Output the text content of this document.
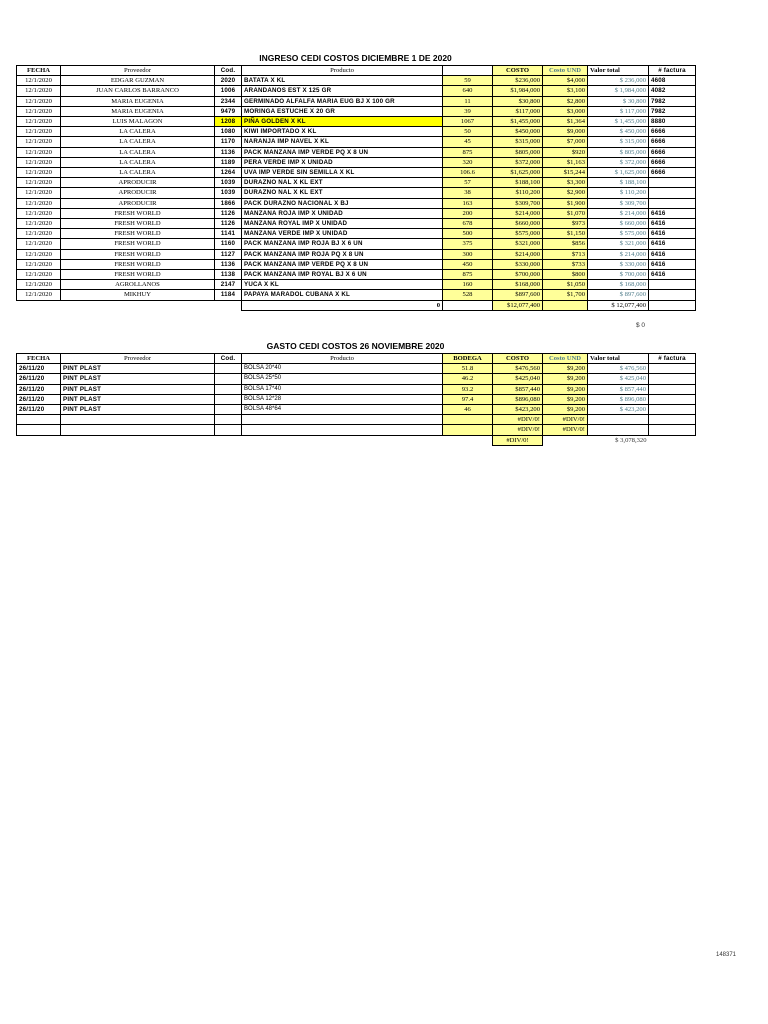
INGRESO CEDI COSTOS DICIEMBRE 1 DE 2020
FECHA	Proveedor	Cod.	Producto		COSTO	Costo UND	Valor total	# factura
12/1/2020	EDGAR GUZMAN	2020	BATATA X KL	59	$236,000	$4,000	$ 236,000	4608
12/1/2020	JUAN CARLOS BARRANCO	1006	ARANDANOS EST X 125 GR	640	$1,984,000	$3,100	$ 1,984,000	4082
12/1/2020	MARIA EUGENIA	2344	GERMINADO ALFALFA MARIA EUG BJ X 100 GR	11	$30,800	$2,800	$ 30,800	7982
12/1/2020	MARIA EUGENIA	9479	MORINGA ESTUCHE X 20 GR	39	$117,000	$3,000	$ 117,000	7982
12/1/2020	LUIS MALAGON	1208	PIÑA GOLDEN X KL	1067	$1,455,000	$1,364	$ 1,455,000	8880
12/1/2020	LA CALERA	1080	KIWI IMPORTADO X KL	50	$450,000	$9,000	$ 450,000	6666
12/1/2020	LA CALERA	1170	NARANJA IMP NAVEL X KL	45	$315,000	$7,000	$ 315,000	6666
12/1/2020	LA CALERA	1136	PACK MANZANA IMP VERDE PQ X 8 UN	875	$805,000	$920	$ 805,000	6666
12/1/2020	LA CALERA	1189	PERA VERDE IMP X UNIDAD	320	$372,000	$1,163	$ 372,000	6666
12/1/2020	LA CALERA	1264	UVA IMP VERDE SIN SEMILLA X KL	106.6	$1,625,000	$15,244	$ 1,625,000	6666
12/1/2020	APRODUCIR	1039	DURAZNO NAL X KL EXT	57	$188,100	$3,300	$ 188,100	
12/1/2020	APRODUCIR	1039	DURAZNO NAL X KL EXT	38	$110,200	$2,900	$ 110,200	
12/1/2020	APRODUCIR	1866	PACK DURAZNO NACIONAL X BJ	163	$309,700	$1,900	$ 309,700	
12/1/2020	FRESH WORLD	1126	MANZANA ROJA IMP X UNIDAD	200	$214,000	$1,070	$ 214,000	6416
12/1/2020	FRESH WORLD	1126	MANZANA ROYAL IMP X UNIDAD	678	$660,000	$973	$ 660,000	6416
12/1/2020	FRESH WORLD	1141	MANZANA VERDE IMP X UNIDAD	500	$575,000	$1,150	$ 575,000	6416
12/1/2020	FRESH WORLD	1160	PACK MANZANA IMP ROJA BJ X 6 UN	375	$321,000	$856	$ 321,000	6416
12/1/2020	FRESH WORLD	1127	PACK MANZANA IMP ROJA PQ X 8 UN	300	$214,000	$713	$ 214,000	6416
12/1/2020	FRESH WORLD	1136	PACK MANZANA IMP VERDE PQ X 8 UN	450	$330,000	$733	$ 330,000	6416
12/1/2020	FRESH WORLD	1138	PACK MANZANA IMP ROYAL BJ X 6 UN	875	$700,000	$800	$ 700,000	6416
12/1/2020	AGROLLANOS	2147	YUCA X KL	160	$168,000	$1,050	$ 168,000	
12/1/2020	MIKHUY	1184	PAPAYA MARADOL CUBANA X KL	528	$897,600	$1,700	$ 897,600	
			0		$12,077,400		$ 12,077,400	
$ 0
GASTO CEDI COSTOS 26 NOVIEMBRE 2020
FECHA	Proveedor	Cod.	Producto	BODEGA	COSTO	Costo UND	Valor total	# factura
26/11/20	PINT PLAST		BOLSA 20*40	51.8	$476,560	$9,200	$ 476,560	
26/11/20	PINT PLAST		BOLSA 25*50	46.2	$425,040	$9,200	$ 425,040	
26/11/20	PINT PLAST		BOLSA 17*40	93.2	$857,440	$9,200	$ 857,440	
26/11/20	PINT PLAST		BOLSA 12*28	97.4	$896,080	$9,200	$ 896,080	
26/11/20	PINT PLAST		BOLSA 48*64	46	$423,200	$9,200	$ 423,200	
					#DIV/0!	#DIV/0!		
					#DIV/0!	#DIV/0!		
					#DIV/0!		$ 3,078,320	
148371
